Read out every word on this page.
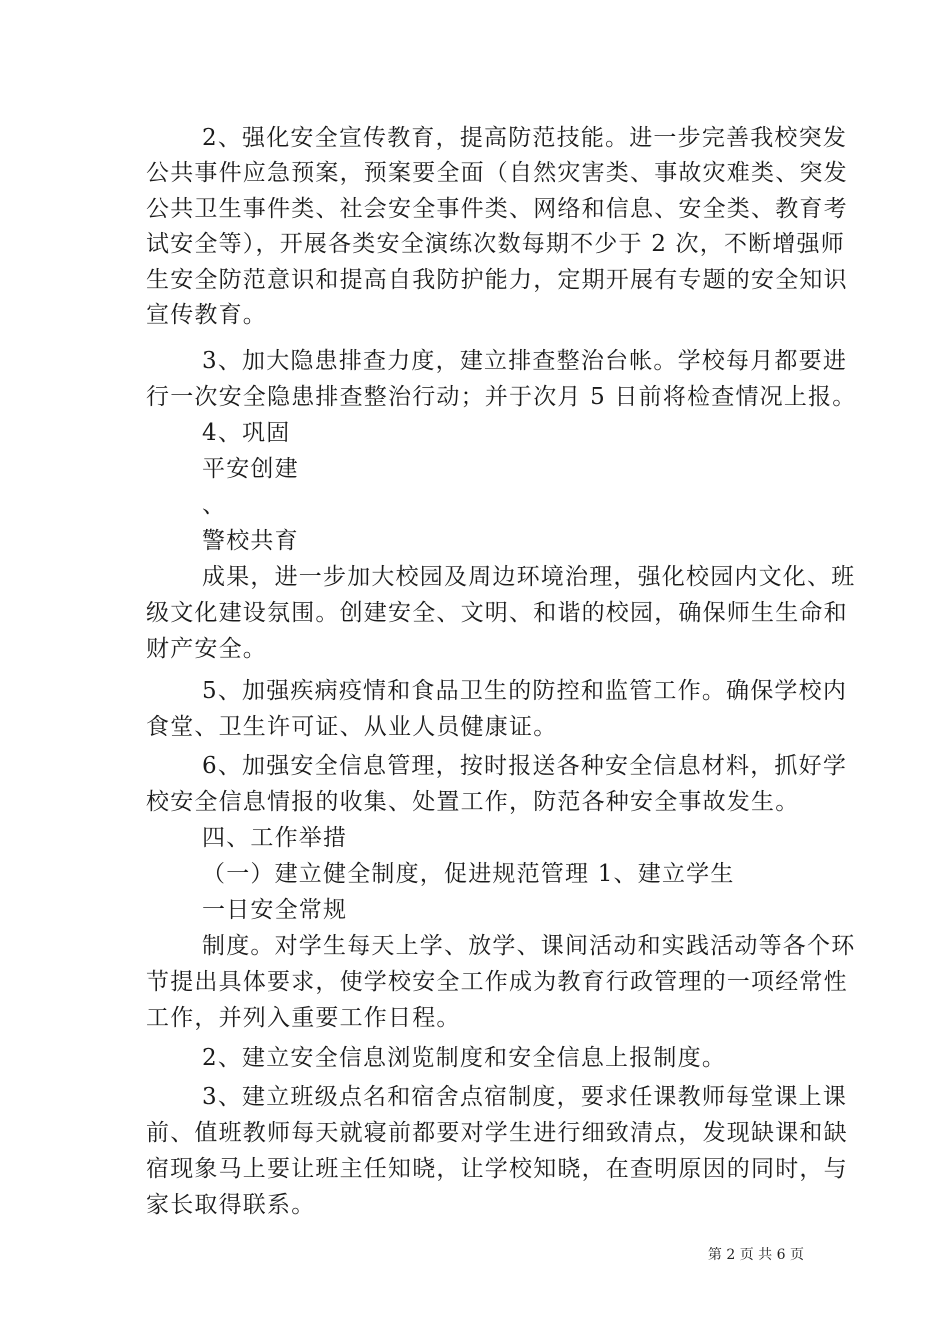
2、强化安全宣传教育，提高防范技能。进一步完善我校突发
公共事件应急预案，预案要全面（自然灾害类、事故灾难类、突发
公共卫生事件类、社会安全事件类、网络和信息、安全类、教育考
试安全等），开展各类安全演练次数每期不少于 2 次，不断增强师
生安全防范意识和提高自我防护能力，定期开展有专题的安全知识
宣传教育。
3、加大隐患排查力度，建立排查整治台帐。学校每月都要进
行一次安全隐患排查整治行动；并于次月 5 日前将检查情况上报。
4、巩固
平安创建
、
警校共育
成果，进一步加大校园及周边环境治理，强化校园内文化、班
级文化建设氛围。创建安全、文明、和谐的校园，确保师生生命和
财产安全。
5、加强疾病疫情和食品卫生的防控和监管工作。确保学校内
食堂、卫生许可证、从业人员健康证。
6、加强安全信息管理，按时报送各种安全信息材料，抓好学
校安全信息情报的收集、处置工作，防范各种安全事故发生。
四、工作举措
（一）建立健全制度，促进规范管理 1、建立学生
一日安全常规
制度。对学生每天上学、放学、课间活动和实践活动等各个环
节提出具体要求，使学校安全工作成为教育行政管理的一项经常性
工作，并列入重要工作日程。
2、建立安全信息浏览制度和安全信息上报制度。
3、建立班级点名和宿舍点宿制度，要求任课教师每堂课上课
前、值班教师每天就寝前都要对学生进行细致清点，发现缺课和缺
宿现象马上要让班主任知晓，让学校知晓，在查明原因的同时，与
家长取得联系。
第 2 页 共 6 页
